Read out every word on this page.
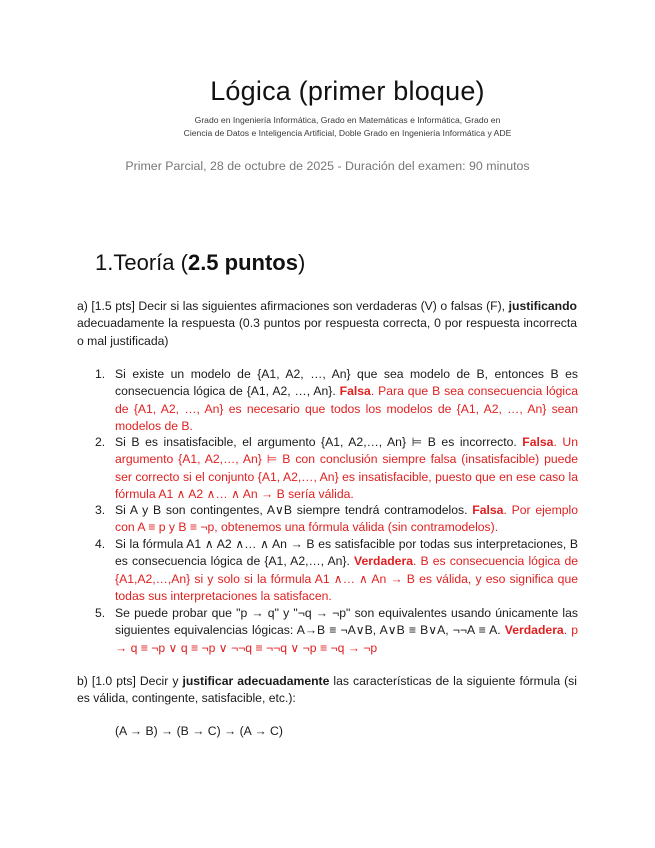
Lógica (primer bloque)
Grado en Ingeniería Informática, Grado en Matemáticas e Informática, Grado en
Ciencia de Datos e Inteligencia Artificial, Doble Grado en Ingeniería Informática y ADE
Primer Parcial, 28 de octubre de 2025 - Duración del examen: 90 minutos
1.Teoría (2.5 puntos)
a) [1.5 pts] Decir si las siguientes afirmaciones son verdaderas (V) o falsas (F), justificando adecuadamente la respuesta (0.3 puntos por respuesta correcta, 0 por respuesta incorrecta o mal justificada)
1. Si existe un modelo de {A1, A2, …, An} que sea modelo de B, entonces B es consecuencia lógica de {A1, A2, …, An}. Falsa. Para que B sea consecuencia lógica de {A1, A2, …, An} es necesario que todos los modelos de {A1, A2, …, An} sean modelos de B.
2. Si B es insatisfacible, el argumento {A1, A2,…, An} ⊨ B es incorrecto. Falsa. Un argumento {A1, A2,…, An} ⊨ B con conclusión siempre falsa (insatisfacible) puede ser correcto si el conjunto {A1, A2,…, An} es insatisfacible, puesto que en ese caso la fórmula A1 ∧ A2 ∧… ∧ An → B sería válida.
3. Si A y B son contingentes, A∨B siempre tendrá contramodelos. Falsa. Por ejemplo con A ≡ p y B ≡ ¬p, obtenemos una fórmula válida (sin contramodelos).
4. Si la fórmula A1 ∧ A2 ∧… ∧ An → B es satisfacible por todas sus interpretaciones, B es consecuencia lógica de {A1, A2,…, An}. Verdadera. B es consecuencia lógica de {A1,A2,…,An} si y solo si la fórmula A1 ∧… ∧ An → B es válida, y eso significa que todas sus interpretaciones la satisfacen.
5. Se puede probar que "p → q" y "¬q → ¬p" son equivalentes usando únicamente las siguientes equivalencias lógicas: A→B ≡ ¬A∨B, A∨B ≡ B∨A, ¬¬A ≡ A. Verdadera. p → q ≡ ¬p ∨ q ≡ ¬p ∨ ¬¬q ≡ ¬¬q ∨ ¬p ≡ ¬q → ¬p
b) [1.0 pts] Decir y justificar adecuadamente las características de la siguiente fórmula (si es válida, contingente, satisfacible, etc.):
(A → B) → (B → C) → (A → C)
